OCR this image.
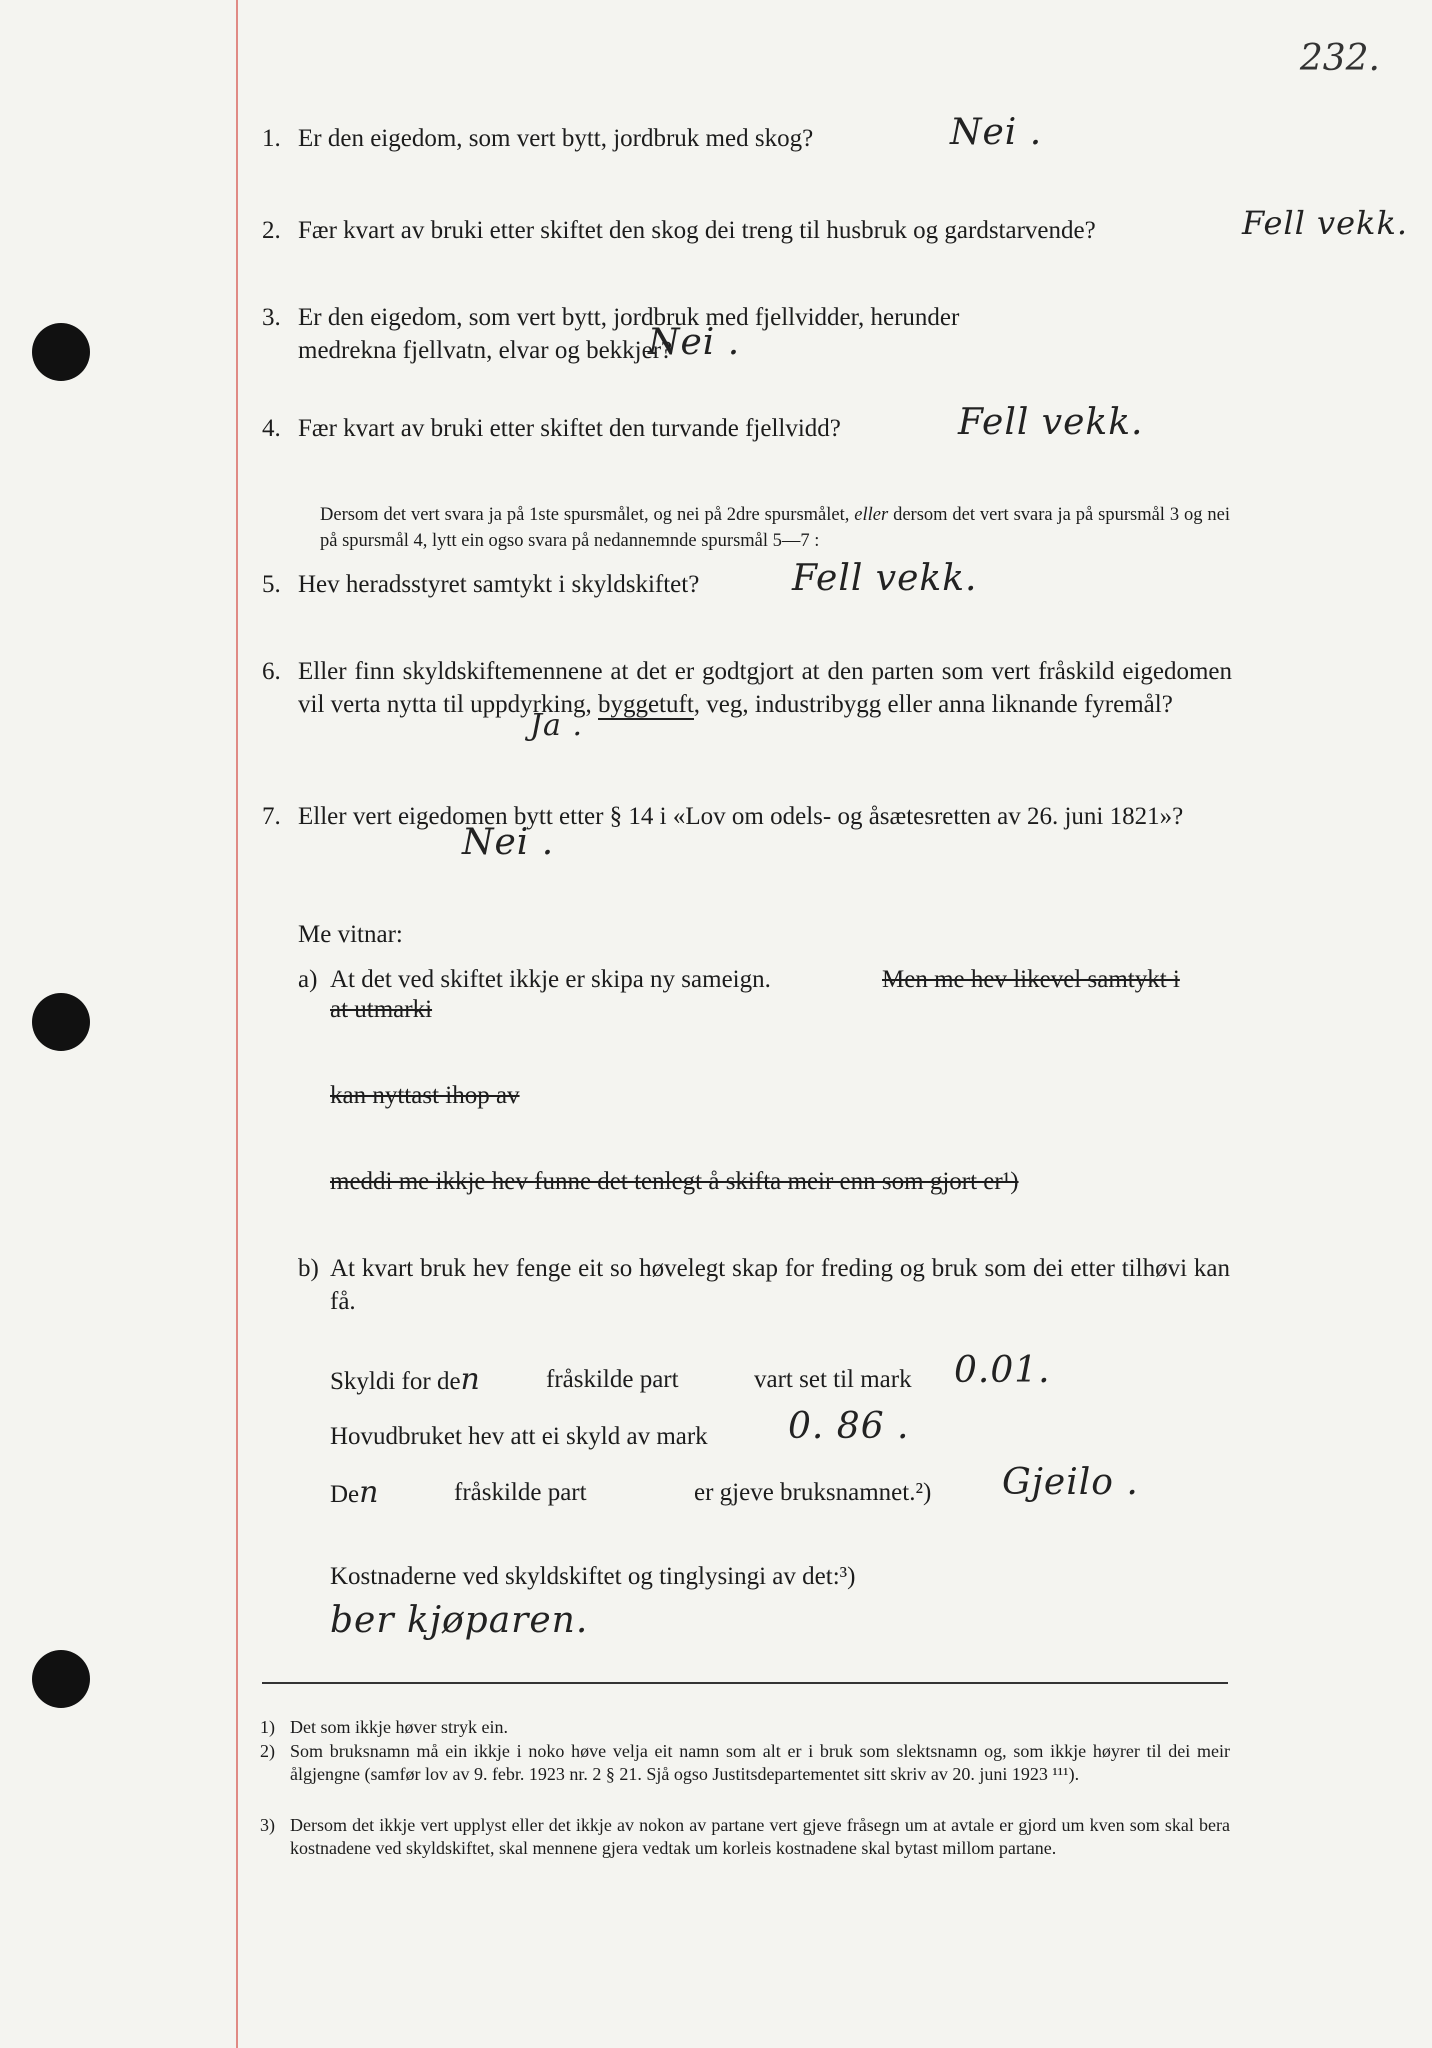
232.
1. Er den eigedom, som vert bytt, jordbruk med skog?	Nei .
2. Fær kvart av bruki etter skiftet den skog dei treng til husbruk og gardstarvende?	Fell vekk.
3. Er den eigedom, som vert bytt, jordbruk med fjellvidder, herunder medrekna fjellvatn, elvar og bekkjer?
Nei .
4. Fær kvart av bruki etter skiftet den turvande fjellvidd?	Fell vekk.
Dersom det vert svara ja på 1ste spursmålet, og nei på 2dre spursmålet, eller dersom det vert svara ja på spursmål 3 og nei på spursmål 4, lytt ein ogso svara på nedannemnde spursmål 5—7 :
5. Hev heradsstyret samtykt i skyldskiftet?	Fell vekk.
6. Eller finn skyldskiftemennene at det er godtgjort at den parten som vert fråskild eigedomen vil verta nytta til uppdyrking, byggetuft, veg, industribygg eller anna liknande fyremål?
Ja .
7. Eller vert eigedomen bytt etter § 14 i «Lov om odels- og åsætesretten av 26. juni 1821»?
Nei .
Me vitnar:
a) At det ved skiftet ikkje er skipa ny sameign.	Men me hev likevel samtykt i
at utmarki
kan nyttast ihop av
meddi me ikkje hev funne det tenlegt å skifta meir enn som gjort er¹)
b) At kvart bruk hev fenge eit so høvelegt skap for freding og bruk som dei etter tilhøvi kan få.
Skyldi for den	fråskilde part	vart set til mark 0.01.
Hovudbruket hev att ei skyld av mark 0. 86 .
Den	fråskilde part	er gjeve bruksnamnet.²) Gjeilo .
Kostnaderne ved skyldskiftet og tinglysingi av det:³)
ber kjøparen.
1) Det som ikkje høver stryk ein.
2) Som bruksnamn må ein ikkje i noko høve velja eit namn som alt er i bruk som slektsnamn og, som ikkje høyrer til dei meir ålgjengne (samfør lov av 9. febr. 1923 nr. 2 § 21. Sjå ogso Justitsdepartementet sitt skriv av 20. juni 1923 ¹¹¹).
3) Dersom det ikkje vert upplyst eller det ikkje av nokon av partane vert gjeve fråsegn um at avtale er gjord um kven som skal bera kostnadene ved skyldskiftet, skal mennene gjera vedtak um korleis kostnadene skal bytast millom partane.
